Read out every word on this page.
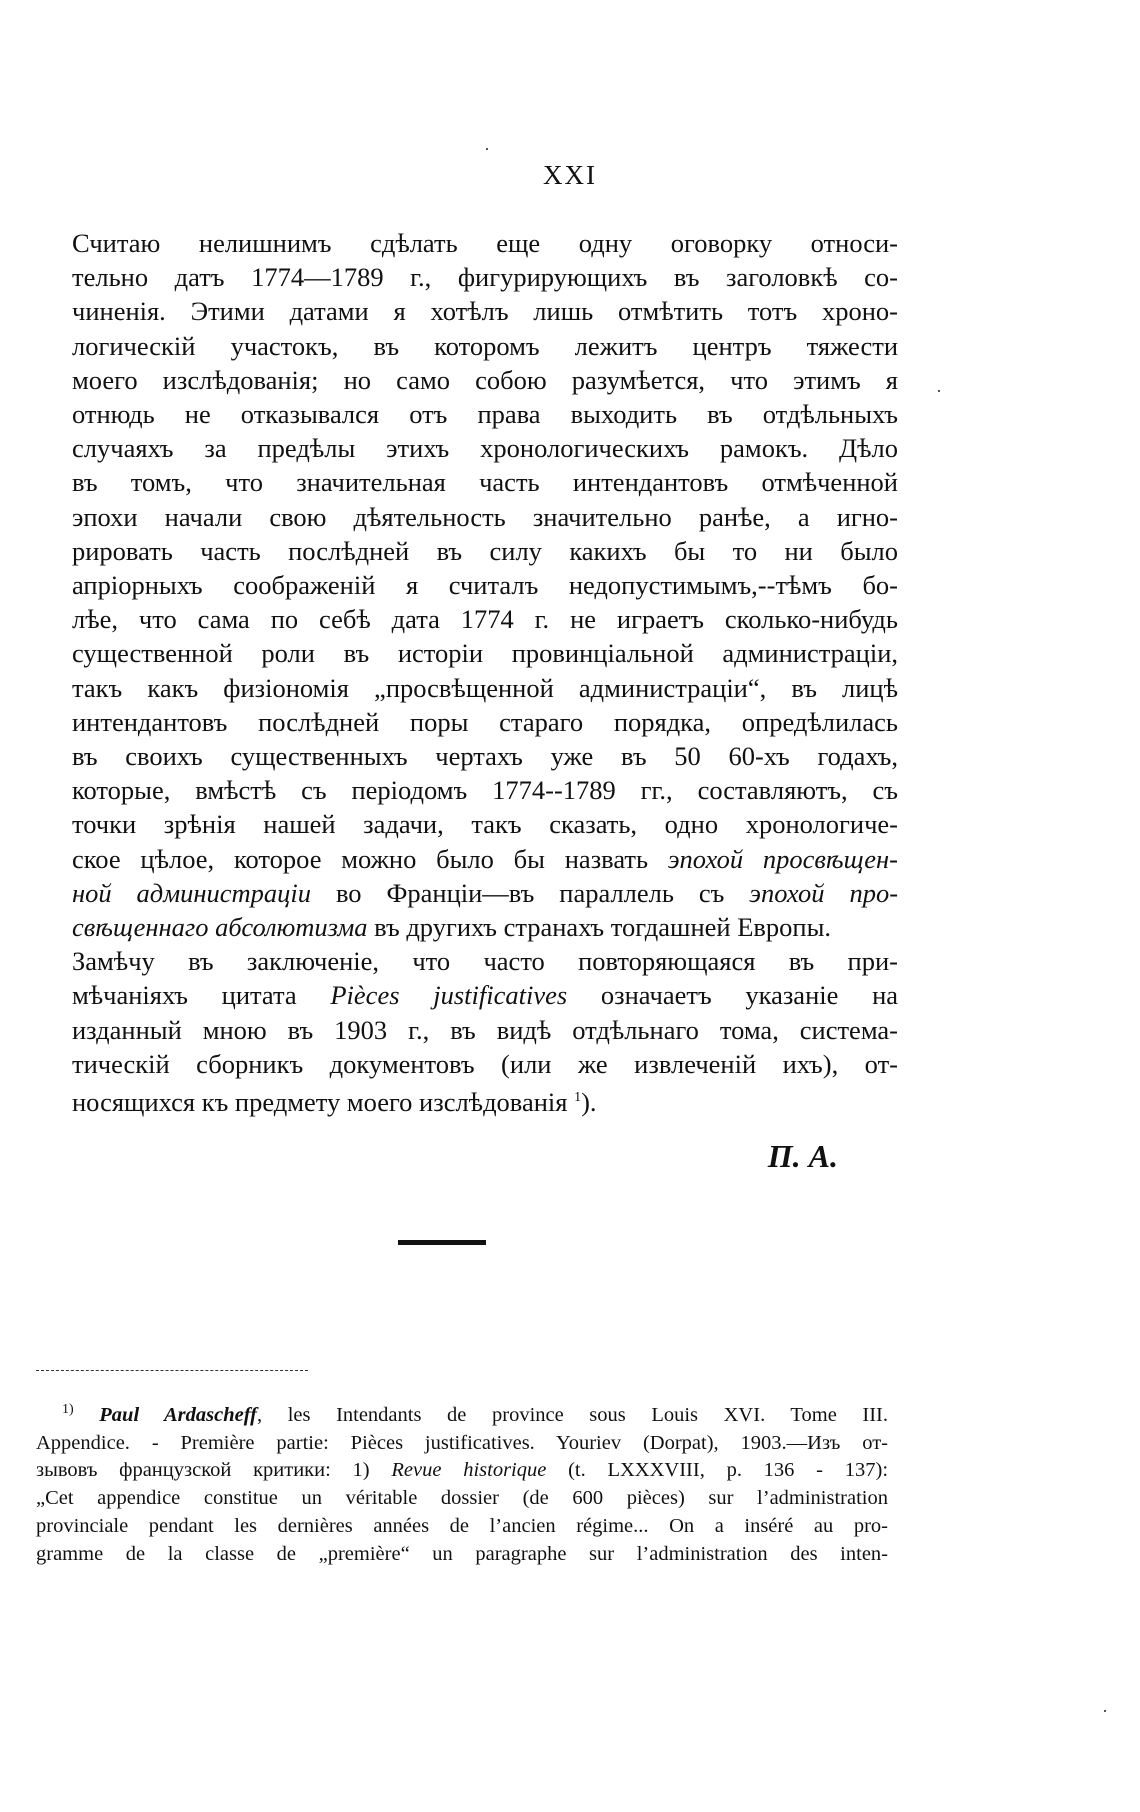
XXI
Считаю нелишнимъ сдѣлать еще одну оговорку относи-
тельно датъ 1774—1789 г., фигурирующихъ въ заголовкѣ со-
чиненія. Этими датами я хотѣлъ лишь отмѣтить тотъ хроно-
логическій участокъ, въ которомъ лежитъ центръ тяжести
моего изслѣдованія; но само собою разумѣется, что этимъ я
отнюдь не отказывался отъ права выходить въ отдѣльныхъ
случаяхъ за предѣлы этихъ хронологическихъ рамокъ. Дѣло
въ томъ, что значительная часть интендантовъ отмѣченной
эпохи начали свою дѣятельность значительно ранѣе, а игно-
рировать часть послѣдней въ силу какихъ бы то ни было
апріорныхъ соображеній я считалъ недопустимымъ,--тѣмъ бо-
лѣе, что сама по себѣ дата 1774 г. не играетъ сколько-нибудь
существенной роли въ исторіи провинціальной администраціи,
такъ какъ физіономія „просвѣщенной администраціи“, въ лицѣ
интендантовъ послѣдней поры стараго порядка, опредѣлилась
въ своихъ существенныхъ чертахъ уже въ 50 60-хъ годахъ,
которые, вмѣстѣ съ періодомъ 1774--1789 гг., составляютъ, съ
точки зрѣнія нашей задачи, такъ сказать, одно хронологиче-
ское цѣлое, которое можно было бы назвать эпохой просвѣщен-
ной администраціи во Франціи—въ параллель съ эпохой про-
свѣщеннаго абсолютизма въ другихъ странахъ тогдашней Европы.
Замѣчу въ заключеніе, что часто повторяющаяся въ при-
мѣчаніяхъ цитата Pièces justificatives означаетъ указаніе на
изданный мною въ 1903 г., въ видѣ отдѣльнаго тома, система-
тическій сборникъ документовъ (или же извлеченій ихъ), от-
носящихся къ предмету моего изслѣдованія $^1$).
П. А.
$^{1)}$ Paul Ardascheff, les Intendants de province sous Louis XVI. Tome III.
Appendice. - Première partie: Pièces justificatives. Youriev (Dorpat), 1903.—Изъ от-
зывовъ французской критики: 1) Revue historique (t. LXXXVIII, p. 136 - 137):
„Cet appendice constitue un véritable dossier (de 600 pièces) sur l’administration
provinciale pendant les dernières années de l’ancien régime... On a inséré au pro-
gramme de la classe de „première“ un paragraphe sur l’administration des inten-
